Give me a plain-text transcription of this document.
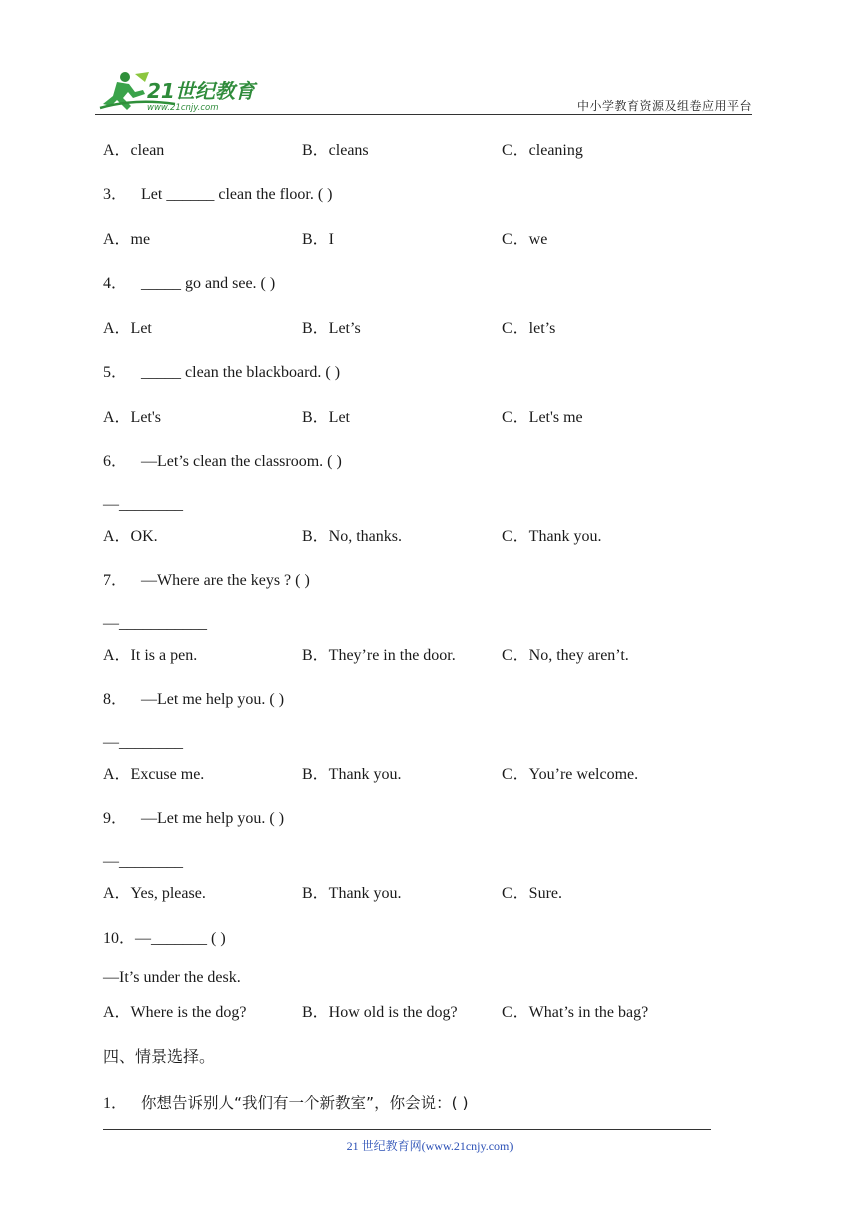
21世纪教育
www.21cnjy.com	中小学教育资源及组卷应用平台
A．clean	B．cleans	C．cleaning
3． Let ______ clean the floor. ( )
A．me	B．I	C．we
4． _____ go and see. ( )
A．Let	B．Let’s	C．let’s
5． _____ clean the blackboard. ( )
A．Let's	B．Let	C．Let's me
6． —Let’s clean the classroom. ( )
—________
A．OK.	B．No, thanks.	C．Thank you.
7． —Where are the keys ? ( )
—___________
A．It is a pen.	B．They’re in the door.	C．No, they aren’t.
8． —Let me help you. ( )
—________
A．Excuse me.	B．Thank you.	C．You’re welcome.
9． —Let me help you. ( )
—________
A．Yes, please.	B．Thank you.	C．Sure.
10．—_______ ( )
—It’s under the desk.
A．Where is the dog?	B．How old is the dog?	C．What’s in the bag?
四、情景选择。
1． 你想告诉别人“我们有一个新教室”，你会说：( )
21 世纪教育网(www.21cnjy.com)
